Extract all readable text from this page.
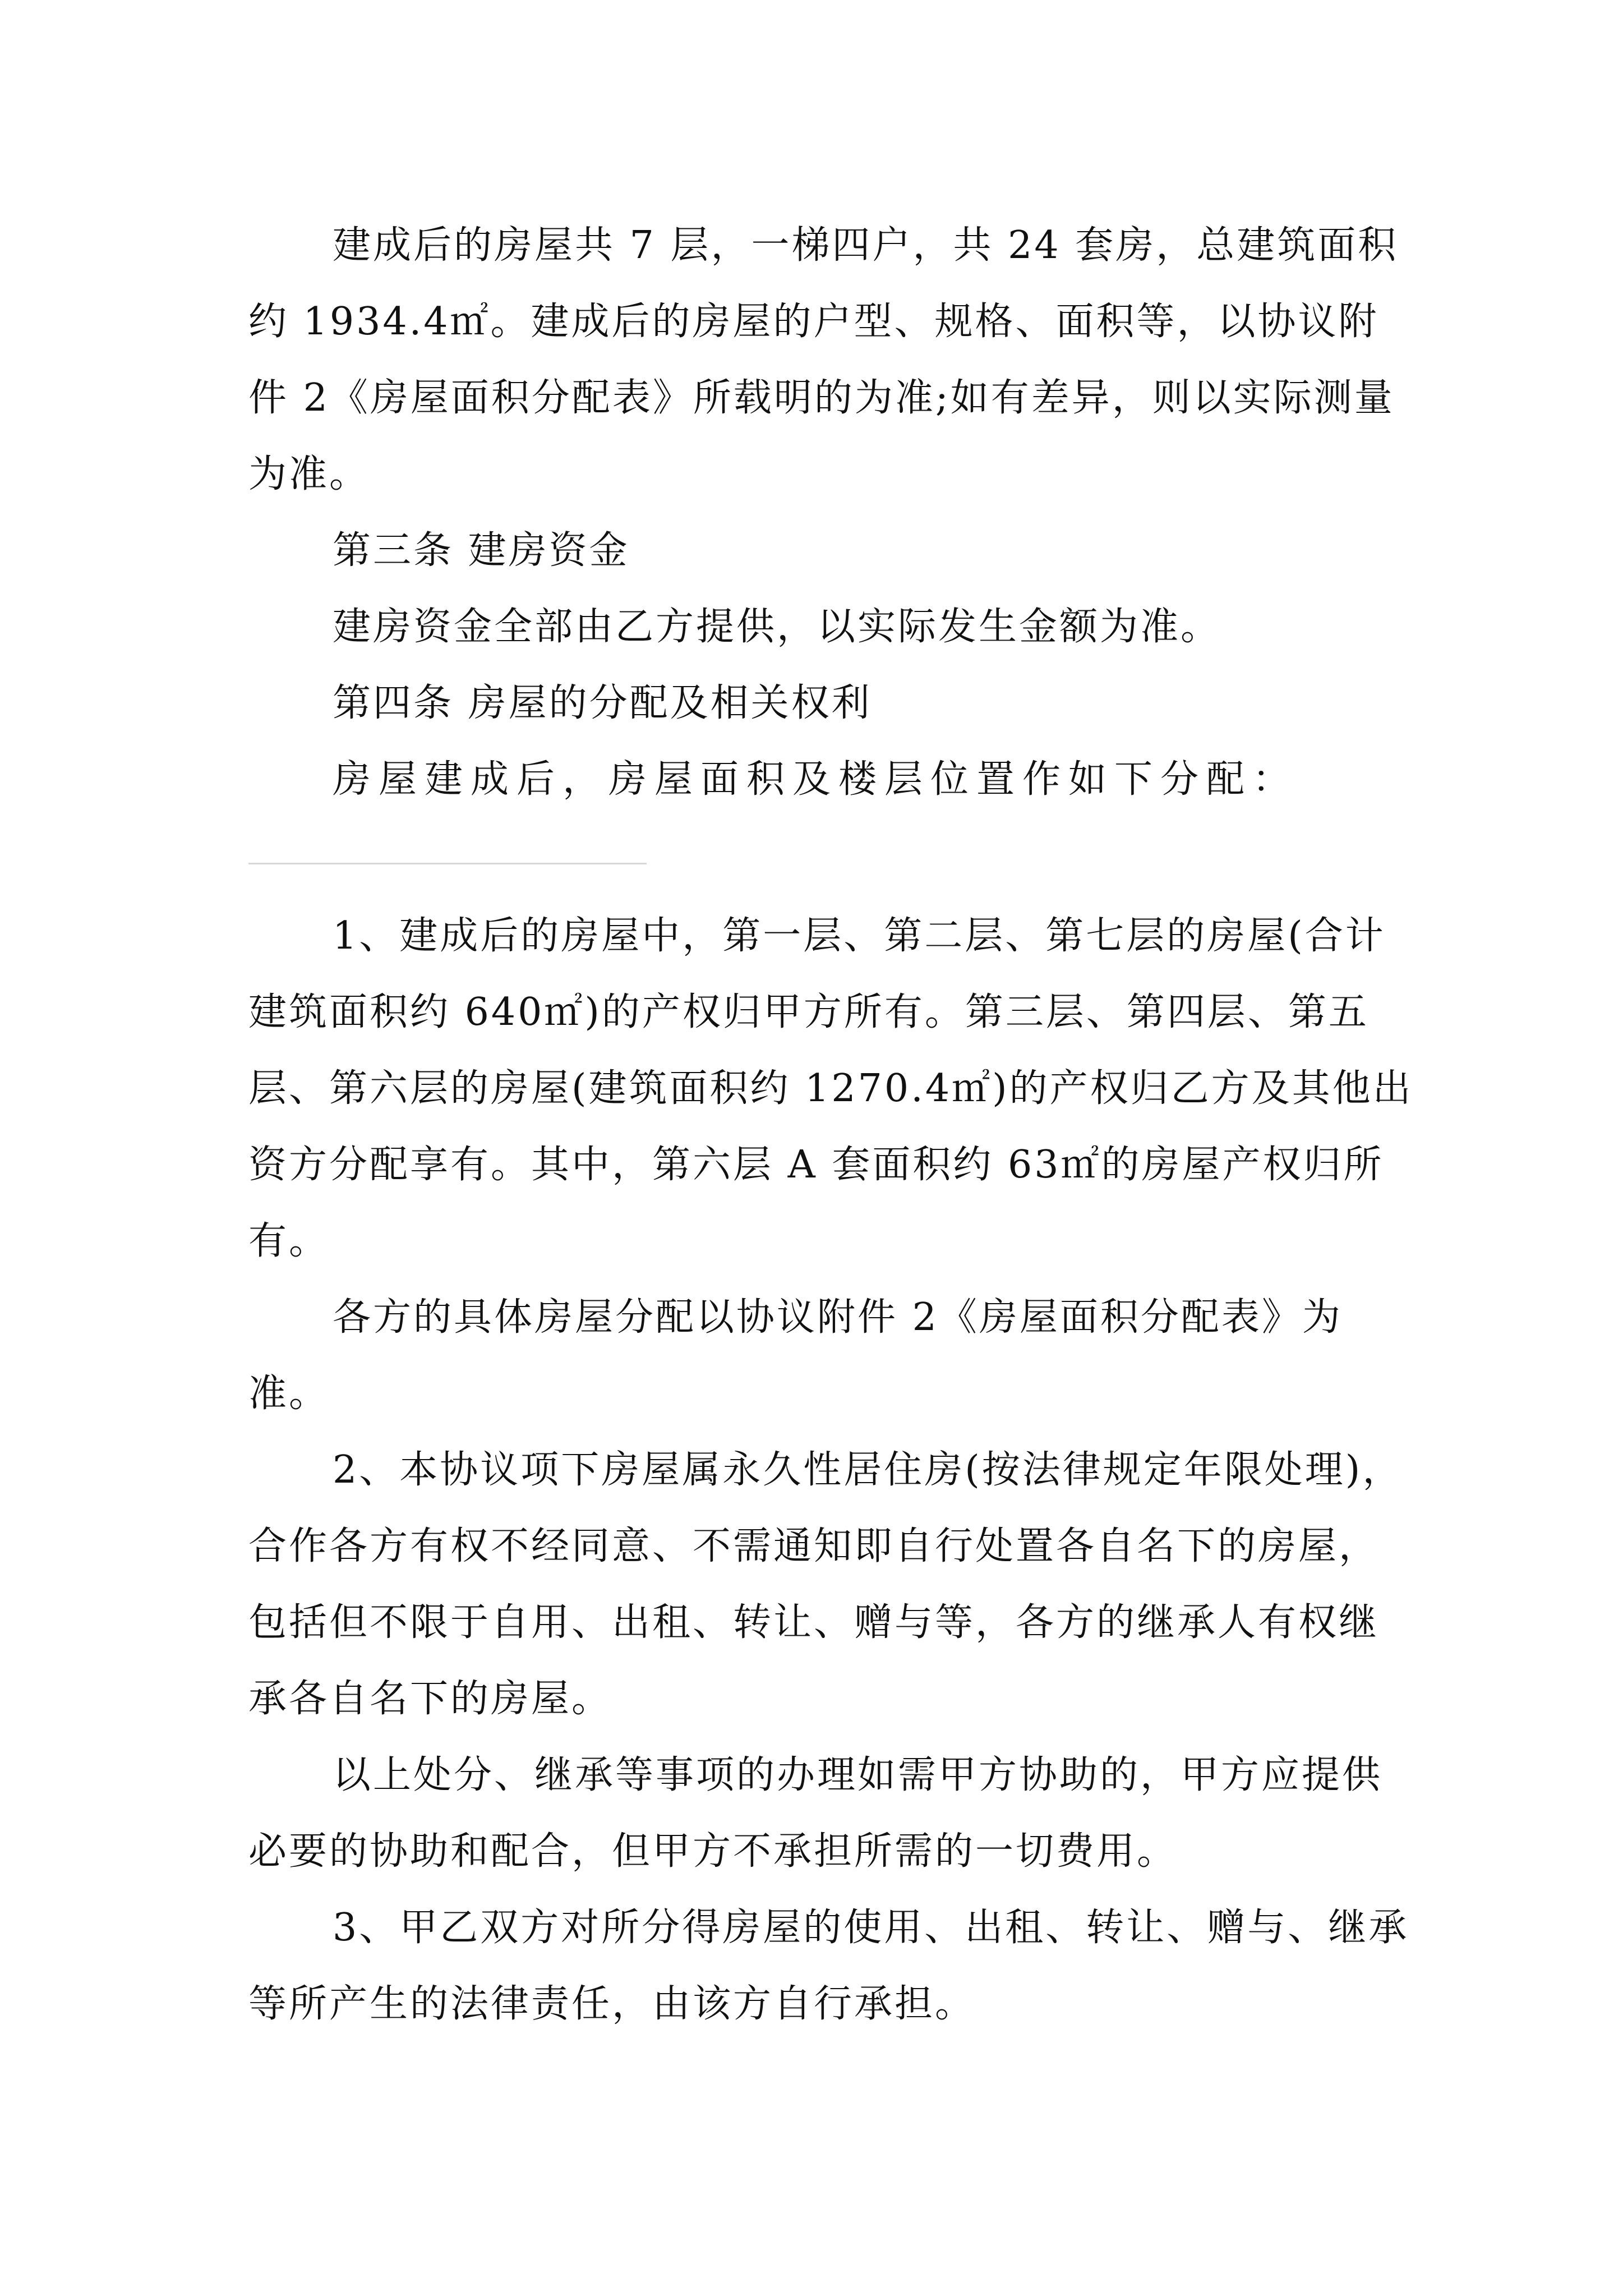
建成后的房屋共 7 层，一梯四户，共 24 套房，总建筑面积约 1934.4㎡。建成后的房屋的户型、规格、面积等，以协议附件 2《房屋面积分配表》所载明的为准;如有差异，则以实际测量为准。

第三条 建房资金

建房资金全部由乙方提供，以实际发生金额为准。

第四条 房屋的分配及相关权利

房屋建成后，房屋面积及楼层位置作如下分配：

1、建成后的房屋中，第一层、第二层、第七层的房屋(合计建筑面积约 640㎡)的产权归甲方所有。第三层、第四层、第五层、第六层的房屋(建筑面积约 1270.4㎡)的产权归乙方及其他出资方分配享有。其中，第六层 A 套面积约 63㎡的房屋产权归所有。

各方的具体房屋分配以协议附件 2《房屋面积分配表》为准。

2、本协议项下房屋属永久性居住房(按法律规定年限处理)，合作各方有权不经同意、不需通知即自行处置各自名下的房屋，包括但不限于自用、出租、转让、赠与等，各方的继承人有权继承各自名下的房屋。

以上处分、继承等事项的办理如需甲方协助的，甲方应提供必要的协助和配合，但甲方不承担所需的一切费用。

3、甲乙双方对所分得房屋的使用、出租、转让、赠与、继承等所产生的法律责任，由该方自行承担。
